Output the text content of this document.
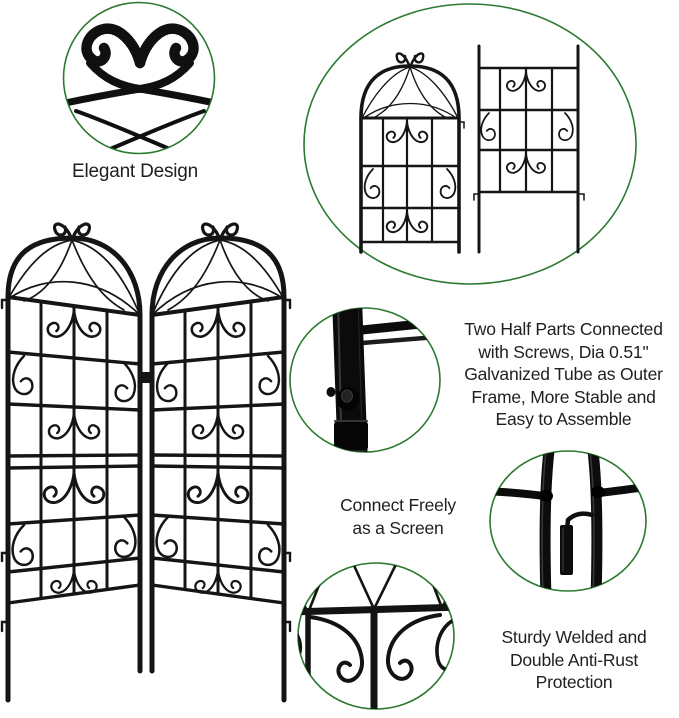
Elegant Design
Two Half Parts Connected
with Screws, Dia 0.51''
Galvanized Tube as Outer
Frame, More Stable and
Easy to Assemble
Connect Freely
as a Screen
Sturdy Welded and
Double Anti-Rust
Protection
